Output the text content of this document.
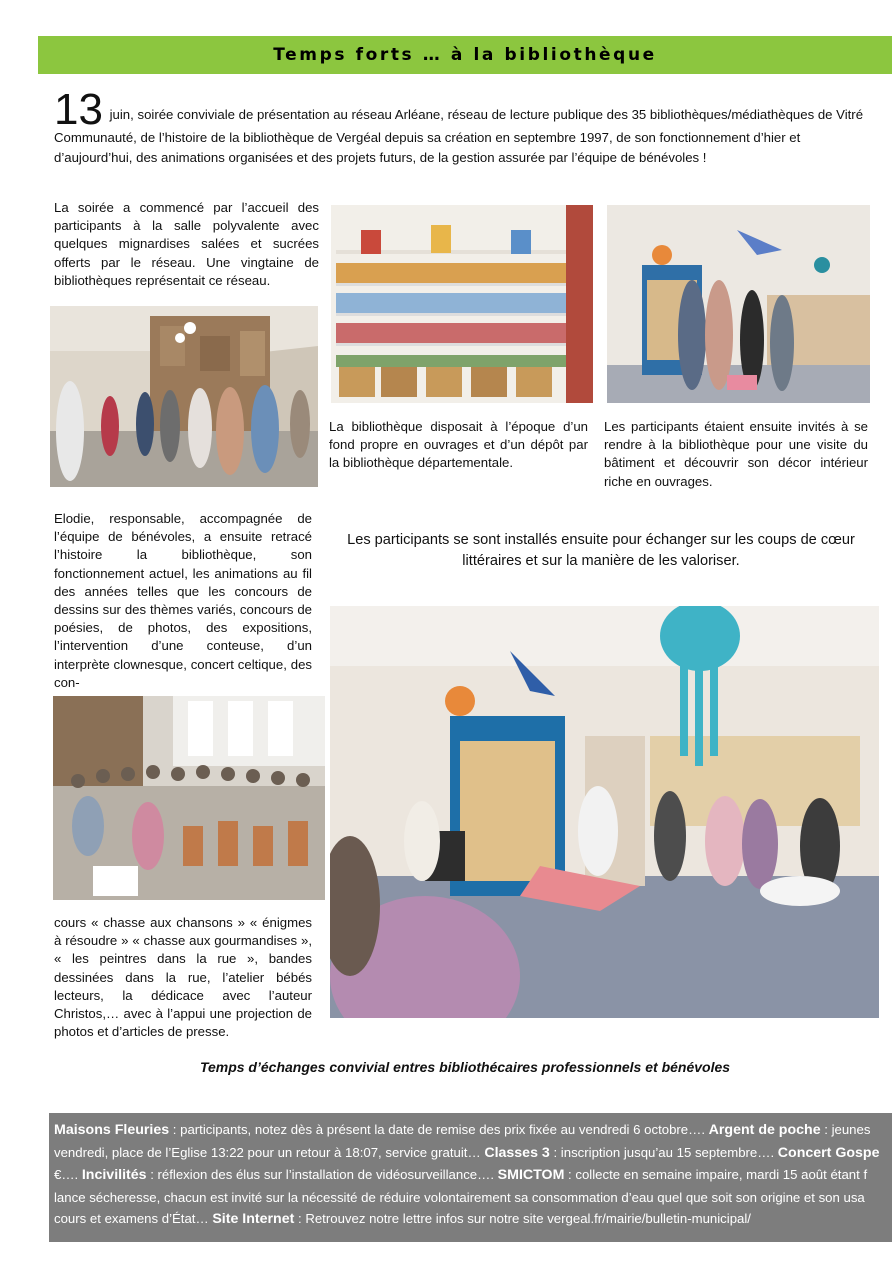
Temps forts … à la bibliothèque
13 juin, soirée conviviale de présentation au réseau Arléane, réseau de lecture publique des 35 bibliothèques/médiathèques de Vitré Communauté, de l’histoire de la bibliothèque de Vergéal depuis sa création en septembre 1997, de son fonctionnement d’hier et d’aujourd’hui, des animations organisées et des projets futurs, de la gestion assurée par l’équipe de bénévoles !
La soirée a commencé par l’accueil des participants à la salle polyvalente avec quelques mignardises salées et sucrées offerts par le réseau. Une vingtaine de bibliothèques représentait ce réseau.
La bibliothèque disposait à l’époque d’un fond propre en ouvrages et d’un dépôt par la bibliothèque départementale.
Les participants étaient ensuite invités à se rendre à la bibliothèque pour une visite du bâtiment et découvrir son décor intérieur riche en ouvrages.
Elodie, responsable, accompagnée de l’équipe de bénévoles, a ensuite retracé l’histoire la bibliothèque, son fonctionnement actuel, les animations au fil des années telles que les concours de dessins sur des thèmes variés, concours de poésies, de photos, des expositions, l’intervention d’une conteuse, d’un interprète clownesque, concert celtique, des con-
Les participants se sont installés ensuite pour échanger sur les coups de cœur littéraires et sur la manière de les valoriser.
cours « chasse aux chansons » « énigmes à résoudre » « chasse aux gourmandises », « les peintres dans la rue », bandes dessinées dans la rue, l’atelier bébés lecteurs, la dédicace avec l’auteur Christos,… avec à l’appui une projection de photos et d’articles de presse.
Temps d’échanges convivial entres bibliothécaires professionnels et bénévoles
Maisons Fleuries : participants, notez dès à présent la date de remise des prix fixée au vendredi 6 octobre…. Argent de poche : jeunes
vendredi, place de l’Eglise 13:22 pour un retour à 18:07, service gratuit… Classes 3 : inscription jusqu’au 15 septembre…. Concert Gospe
€…. Incivilités : réflexion des élus sur l’installation de vidéosurveillance…. SMICTOM : collecte en semaine impaire, mardi 15 août étant f
lance sécheresse, chacun est invité sur la nécessité de réduire volontairement sa consommation d’eau quel que soit son origine et son usa
cours et examens d’État… Site Internet : Retrouvez notre lettre infos sur notre site vergeal.fr/mairie/bulletin-municipal/
